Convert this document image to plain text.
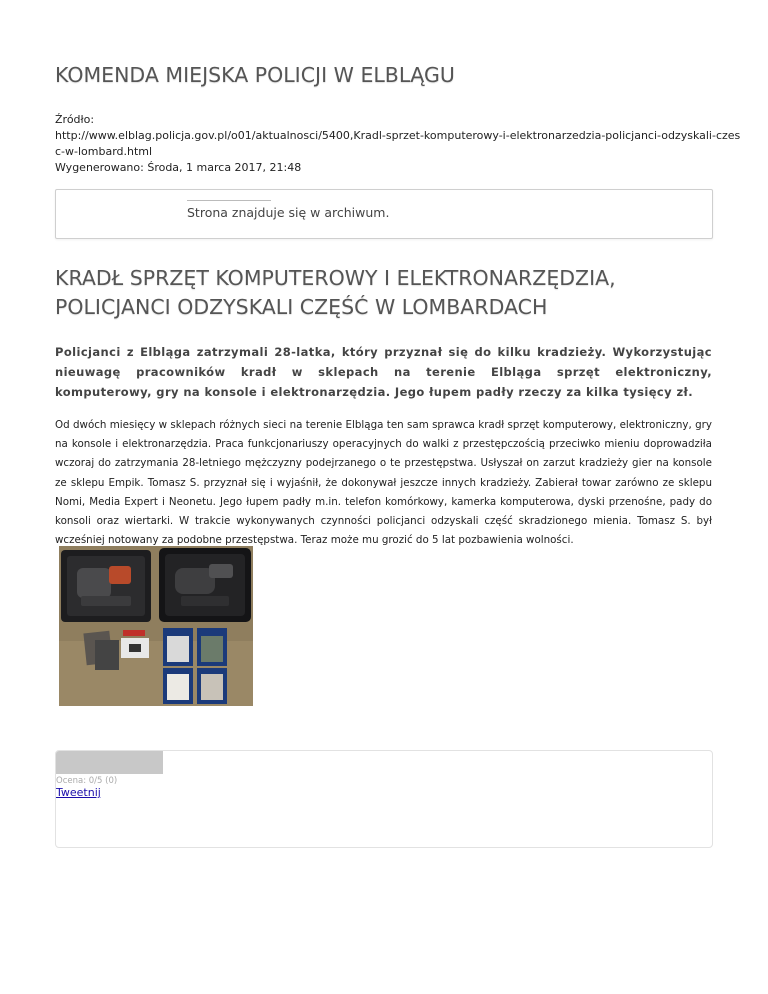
KOMENDA MIEJSKA POLICJI W ELBLĄGU
Źródło:
http://www.elblag.policja.gov.pl/o01/aktualnosci/5400,Kradl-sprzet-komputerowy-i-elektronarzedzia-policjanci-odzyskali-czes
c-w-lombard.html
Wygenerowano: Środa, 1 marca 2017, 21:48
Strona znajduje się w archiwum.
KRADŁ SPRZĘT KOMPUTEROWY I ELEKTRONARZĘDZIA, POLICJANCI ODZYSKALI CZĘŚĆ W LOMBARDACH

Policjanci z Elbląga zatrzymali 28-latka, który przyznał się do kilku kradzieży. Wykorzystując nieuwagę pracowników kradł w sklepach na terenie Elbląga sprzęt elektroniczny, komputerowy, gry na konsole i elektronarzędzia. Jego łupem padły rzeczy za kilka tysięcy zł.

Od dwóch miesięcy w sklepach różnych sieci na terenie Elbląga ten sam sprawca kradł sprzęt komputerowy, elektroniczny, gry na konsole i elektronarzędzia. Praca funkcjonariuszy operacyjnych do walki z przestępczością przeciwko mieniu doprowadziła wczoraj do zatrzymania 28-letniego mężczyzny podejrzanego o te przestępstwa. Usłyszał on zarzut kradzieży gier na konsole ze sklepu Empik. Tomasz S. przyznał się i wyjaśnił, że dokonywał jeszcze innych kradzieży. Zabierał towar zarówno ze sklepu Nomi, Media Expert i Neonetu. Jego łupem padły m.in. telefon komórkowy, kamerka komputerowa, dyski przenośne, pady do konsoli oraz wiertarki. W trakcie wykonywanych czynności policjanci odzyskali część skradzionego mienia. Tomasz S. był wcześniej notowany za podobne przestępstwa. Teraz może mu grozić do 5 lat pozbawienia wolności.

Ocena: 0/5 (0)
Tweetnij
